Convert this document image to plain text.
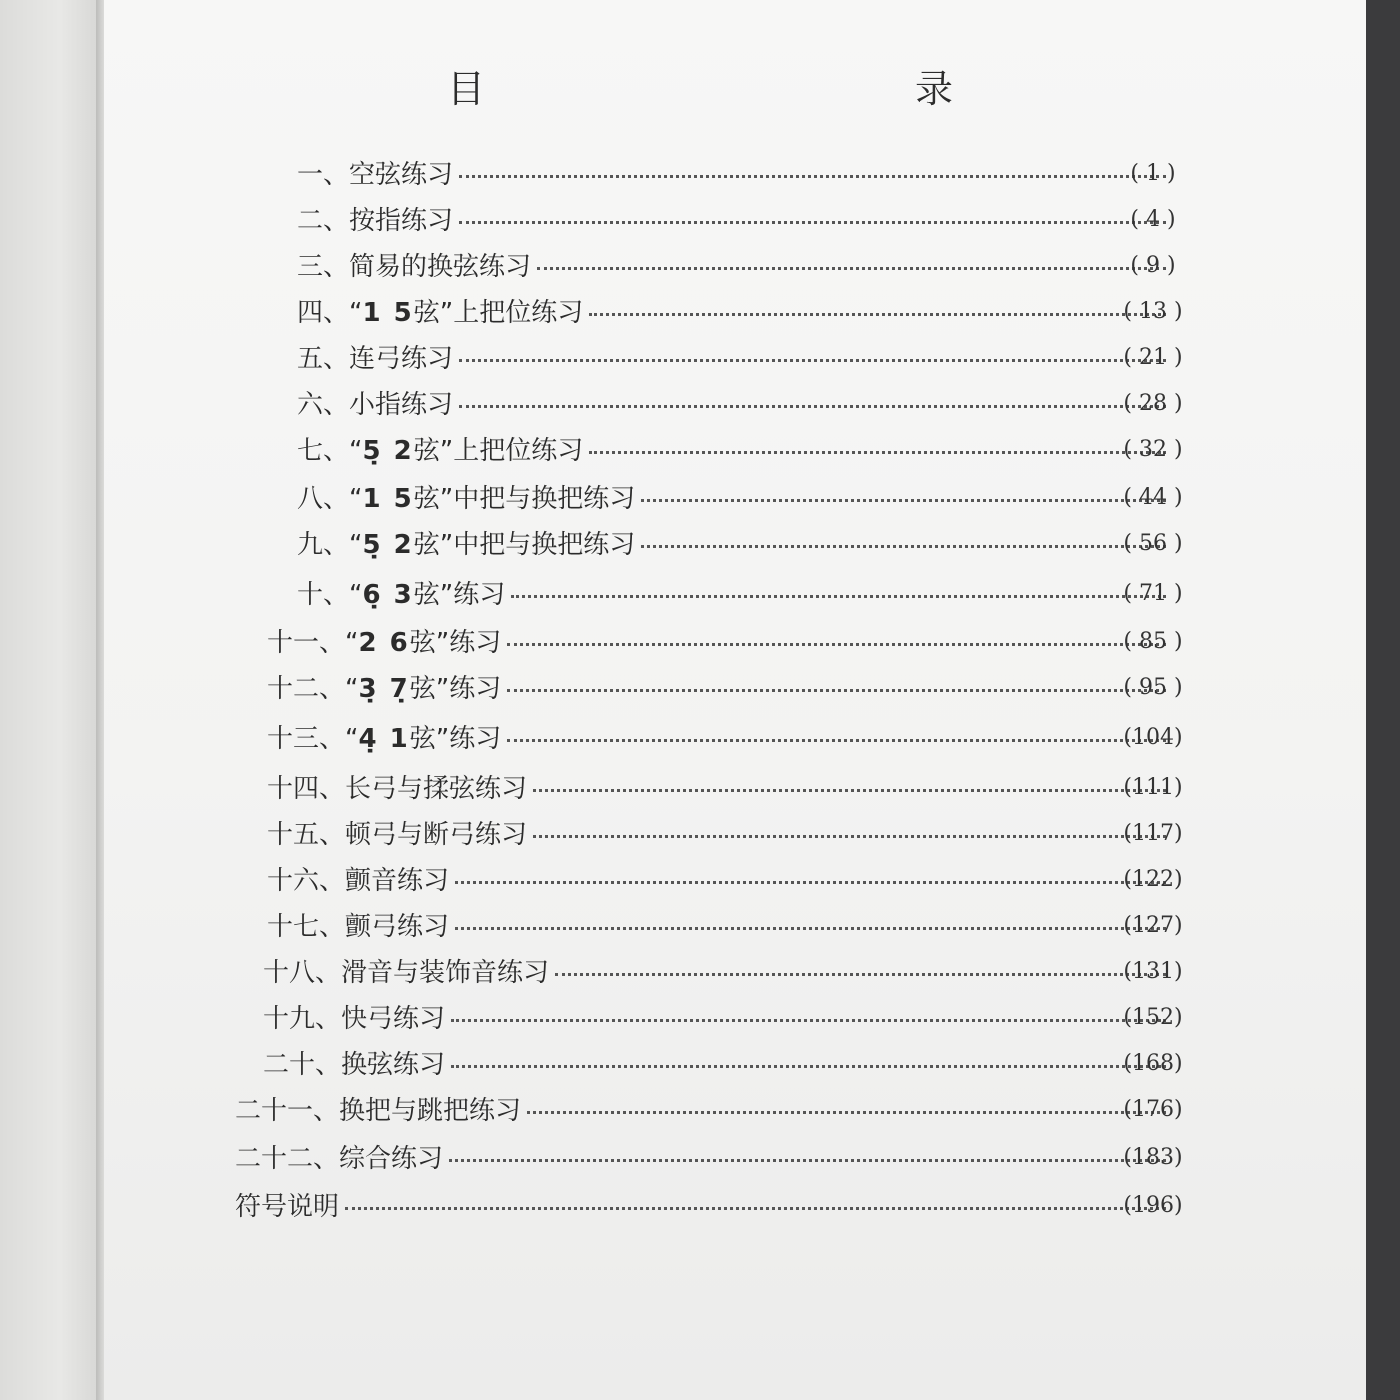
目　　录
一、空弦练习	( 1 )
二、按指练习	( 4 )
三、简易的换弦练习	( 9 )
四、“1 5弦”上把位练习	( 13 )
五、连弓练习	( 21 )
六、小指练习	( 28 )
七、“5̣ 2弦”上把位练习	( 32 )
八、“1 5弦”中把与换把练习	( 44 )
九、“5̣ 2弦”中把与换把练习	( 56 )
十、“6̣ 3弦”练习	( 71 )
十一、“2 6弦”练习	( 85 )
十二、“3̣ 7̣弦”练习	( 95 )
十三、“4̣ 1弦”练习	(104)
十四、长弓与揉弦练习	(111)
十五、顿弓与断弓练习	(117)
十六、颤音练习	(122)
十七、颤弓练习	(127)
十八、滑音与装饰音练习	(131)
十九、快弓练习	(152)
二十、换弦练习	(168)
二十一、换把与跳把练习	(176)
二十二、综合练习	(183)
符号说明	(196)
